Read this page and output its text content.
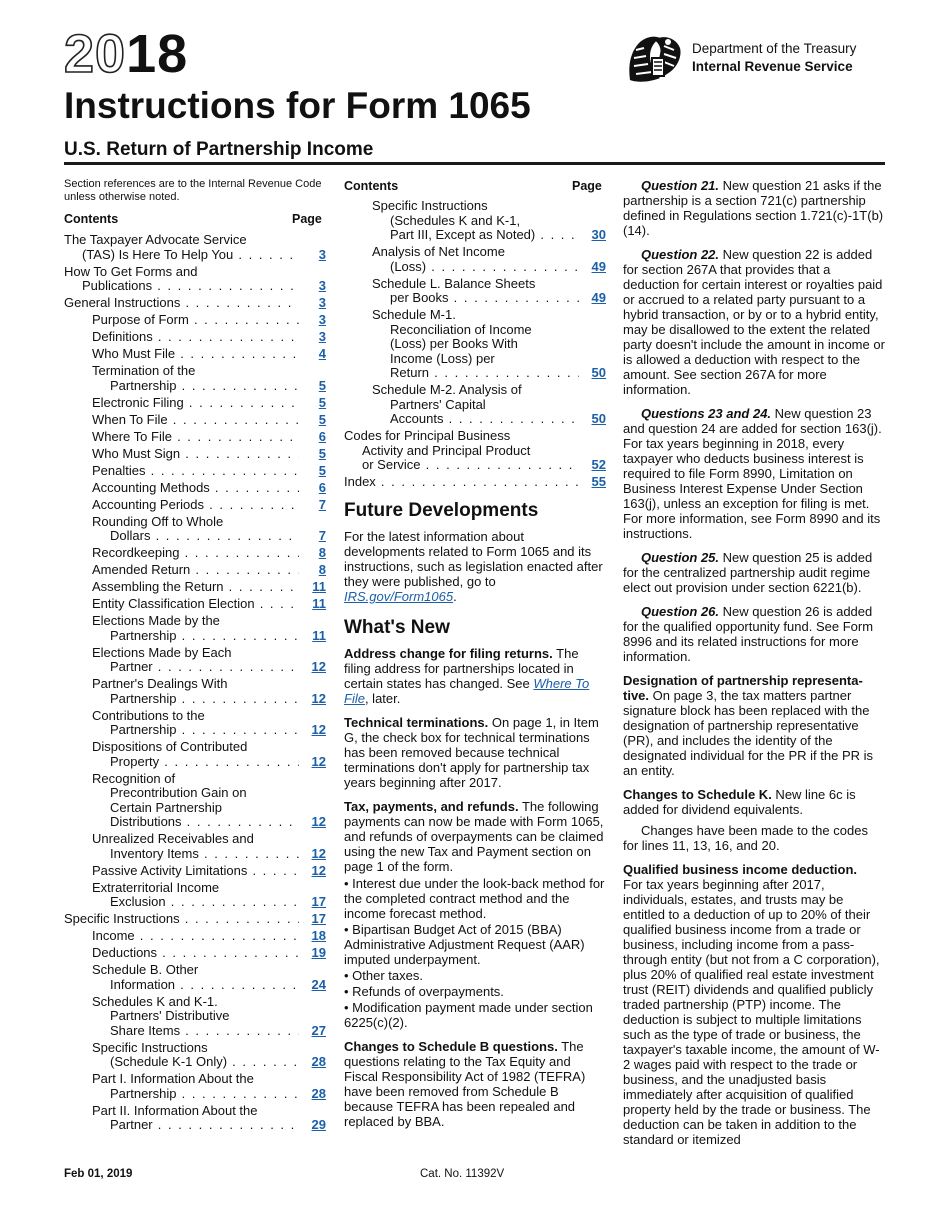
2018
Instructions for Form 1065
U.S. Return of Partnership Income
Department of the Treasury
Internal Revenue Service
Section references are to the Internal Revenue Code unless otherwise noted.
Contents	Page
The Taxpayer Advocate Service
(TAS) Is Here To Help You . . .	3
How To Get Forms and
Publications . . .	3
General Instructions . . .	3
Purpose of Form . . .	3
Definitions . . .	3
Who Must File . . .	4
Termination of the
Partnership . . .	5
Electronic Filing . . .	5
When To File . . .	5
Where To File . . .	6
Who Must Sign . . .	5
Penalties . . .	5
Accounting Methods . . .	6
Accounting Periods . . .	7
Rounding Off to Whole
Dollars . . .	7
Recordkeeping . . .	8
Amended Return . . .	8
Assembling the Return . . .	11
Entity Classification Election . . .	11
Elections Made by the
Partnership . . .	11
Elections Made by Each
Partner . . .	12
Partner's Dealings With
Partnership . . .	12
Contributions to the
Partnership . . .	12
Dispositions of Contributed
Property . . .	12
Recognition of
Precontribution Gain on
Certain Partnership
Distributions . . .	12
Unrealized Receivables and
Inventory Items . . .	12
Passive Activity Limitations . . .	12
Extraterritorial Income
Exclusion . . .	17
Specific Instructions . . .	17
Income . . .	18
Deductions . . .	19
Schedule B. Other
Information . . .	24
Schedules K and K-1.
Partners' Distributive
Share Items . . .	27
Specific Instructions
(Schedule K-1 Only) . . .	28
Part I. Information About the
Partnership . . .	28
Part II. Information About the
Partner . . .	29
Contents	Page
Specific Instructions
(Schedules K and K-1,
Part III, Except as Noted) . . .	30
Analysis of Net Income
(Loss) . . .	49
Schedule L. Balance Sheets
per Books . . .	49
Schedule M-1.
Reconciliation of Income
(Loss) per Books With
Income (Loss) per
Return . . .	50
Schedule M-2. Analysis of
Partners' Capital
Accounts . . .	50
Codes for Principal Business
Activity and Principal Product
or Service . . .	52
Index . . .	55
Future Developments

For the latest information about developments related to Form 1065 and its instructions, such as legislation enacted after they were published, go to IRS.gov/Form1065.

What's New

Address change for filing returns. The filing address for partnerships located in certain states has changed. See Where To File, later.

Technical terminations. On page 1, in Item G, the check box for technical terminations has been removed because technical terminations don't apply for partnership tax years beginning after 2017.

Tax, payments, and refunds. The following payments can now be made with Form 1065, and refunds of overpayments can be claimed using the new Tax and Payment section on page 1 of the form.

• Interest due under the look-back method for the completed contract method and the income forecast method.
• Bipartisan Budget Act of 2015 (BBA) Administrative Adjustment Request (AAR) imputed underpayment.
• Other taxes.
• Refunds of overpayments.
• Modification payment made under section 6225(c)(2).

Changes to Schedule B questions. The questions relating to the Tax Equity and Fiscal Responsibility Act of 1982 (TEFRA) have been removed from Schedule B because TEFRA has been repealed and replaced by BBA.

Question 21. New question 21 asks if the partnership is a section 721(c) partnership defined in Regulations section 1.721(c)-1T(b)(14).

Question 22. New question 22 is added for section 267A that provides that a deduction for certain interest or royalties paid or accrued to a related party pursuant to a hybrid transaction, or by or to a hybrid entity, may be disallowed to the extent the related party doesn't include the amount in income or is allowed a deduction with respect to the amount. See section 267A for more information.

Questions 23 and 24. New question 23 and question 24 are added for section 163(j). For tax years beginning in 2018, every taxpayer who deducts business interest is required to file Form 8990, Limitation on Business Interest Expense Under Section 163(j), unless an exception for filing is met. For more information, see Form 8990 and its instructions.

Question 25. New question 25 is added for the centralized partnership audit regime elect out provision under section 6221(b).

Question 26. New question 26 is added for the qualified opportunity fund. See Form 8996 and its related instructions for more information.

Designation of partnership representa-tive. On page 3, the tax matters partner signature block has been replaced with the designation of partnership representative (PR), and includes the identity of the designated individual for the PR if the PR is an entity.

Changes to Schedule K. New line 6c is added for dividend equivalents.

Changes have been made to the codes for lines 11, 13, 16, and 20.

Qualified business income deduction.
For tax years beginning after 2017, individuals, estates, and trusts may be entitled to a deduction of up to 20% of their qualified business income from a trade or business, including income from a pass-through entity (but not from a C corporation), plus 20% of qualified real estate investment trust (REIT) dividends and qualified publicly traded partnership (PTP) income. The deduction is subject to multiple limitations such as the type of trade or business, the taxpayer's taxable income, the amount of W-2 wages paid with respect to the trade or business, and the unadjusted basis immediately after acquisition of qualified property held by the trade or business. The deduction can be taken in addition to the standard or itemized

Feb 01, 2019	Cat. No. 11392V
